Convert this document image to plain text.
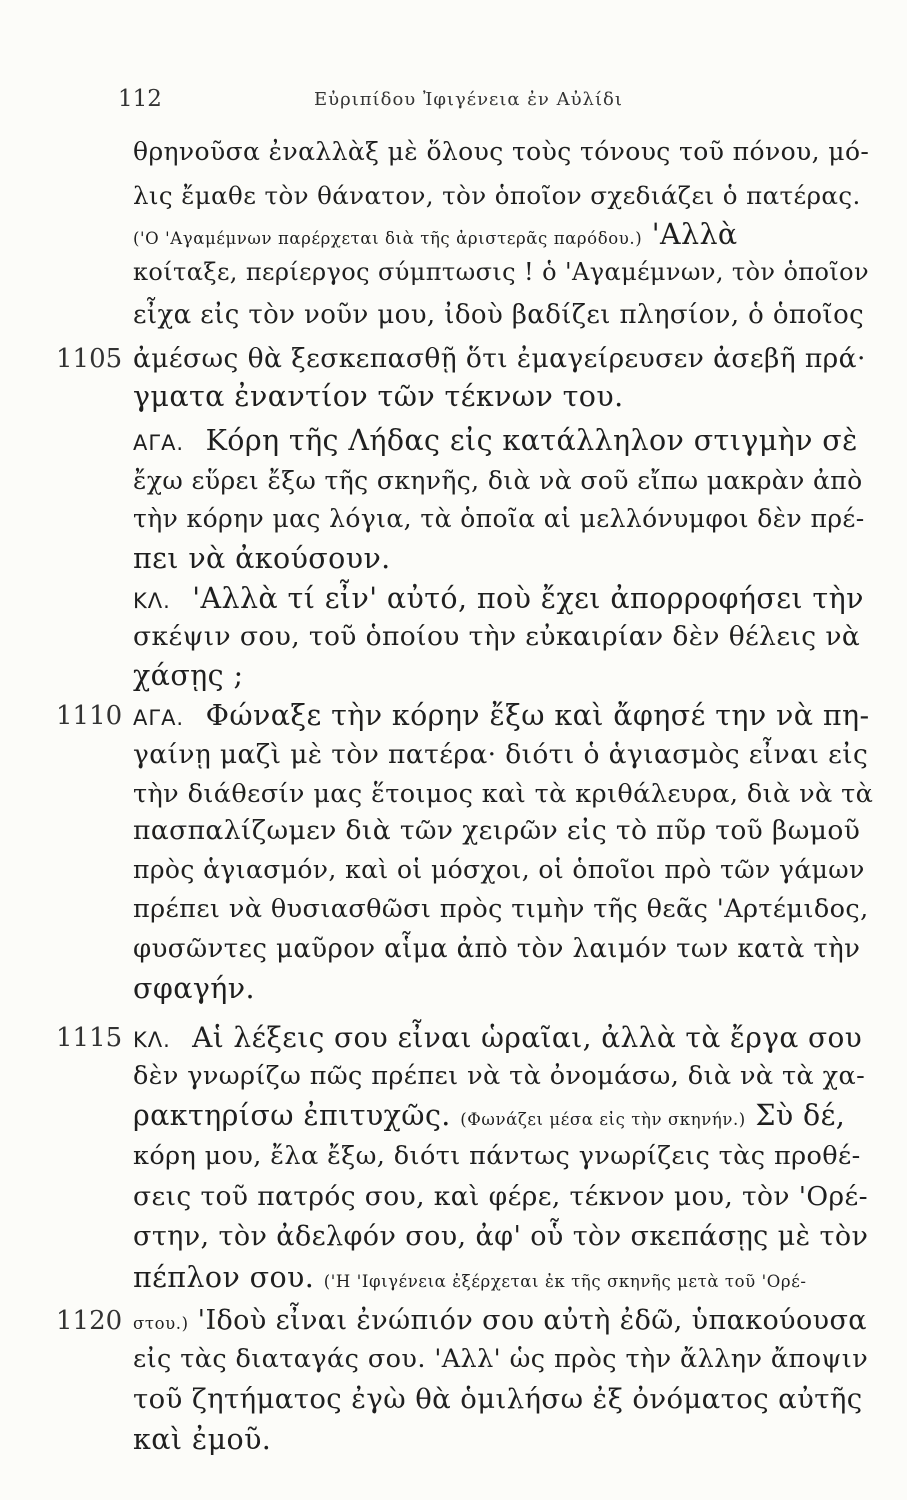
112	Εὐριπίδου Ἰφιγένεια ἐν Αὐλίδι
1105
1110
1115
1120
θρηνοῦσα ἐναλλὰξ μὲ ὅλους τοὺς τόνους τοῦ πόνου, μό-
λις ἔμαθε τὸν θάνατον, τὸν ὁποῖον σχεδιάζει ὁ πατέρας.
('Ο 'Αγαμέμνων παρέρχεται διὰ τῆς ἀριστερᾶς παρόδου.) 'Αλλὰ
κοίταξε, περίεργος σύμπτωσις ! ὁ 'Αγαμέμνων, τὸν ὁποῖον
εἶχα εἰς τὸν νοῦν μου, ἰδοὺ βαδίζει πλησίον, ὁ ὁποῖος
ἀμέσως θὰ ξεσκεπασθῇ ὅτι ἐμαγείρευσεν ἀσεβῆ πρά·
γματα ἐναντίον τῶν τέκνων του.
ΑΓΑ. Κόρη τῆς Λήδας εἰς κατάλληλον στιγμὴν σὲ
ἔχω εὕρει ἔξω τῆς σκηνῆς, διὰ νὰ σοῦ εἴπω μακρὰν ἀπὸ
τὴν κόρην μας λόγια, τὰ ὁποῖα αἱ μελλόνυμφοι δὲν πρέ-
πει νὰ ἀκούσουν.
ΚΛ. 'Αλλὰ τί εἶν' αὐτό, ποὺ ἔχει ἀπορροφήσει τὴν
σκέψιν σου, τοῦ ὁποίου τὴν εὐκαιρίαν δὲν θέλεις νὰ
χάσῃς ;
ΑΓΑ. Φώναξε τὴν κόρην ἔξω καὶ ἄφησέ την νὰ πη-
γαίνῃ μαζὶ μὲ τὸν πατέρα· διότι ὁ ἁγιασμὸς εἶναι εἰς
τὴν διάθεσίν μας ἕτοιμος καὶ τὰ κριθάλευρα, διὰ νὰ τὰ
πασπαλίζωμεν διὰ τῶν χειρῶν εἰς τὸ πῦρ τοῦ βωμοῦ
πρὸς ἁγιασμόν, καὶ οἱ μόσχοι, οἱ ὁποῖοι πρὸ τῶν γάμων
πρέπει νὰ θυσιασθῶσι πρὸς τιμὴν τῆς θεᾶς 'Αρτέμιδος,
φυσῶντες μαῦρον αἷμα ἀπὸ τὸν λαιμόν των κατὰ τὴν
σφαγήν.
ΚΛ. Αἱ λέξεις σου εἶναι ὡραῖαι, ἀλλὰ τὰ ἔργα σου
δὲν γνωρίζω πῶς πρέπει νὰ τὰ ὀνομάσω, διὰ νὰ τὰ χα-
ρακτηρίσω ἐπιτυχῶς. (Φωνάζει μέσα εἰς τὴν σκηνήν.) Σὺ δέ,
κόρη μου, ἔλα ἔξω, διότι πάντως γνωρίζεις τὰς προθέ-
σεις τοῦ πατρός σου, καὶ φέρε, τέκνον μου, τὸν 'Ορέ-
στην, τὸν ἀδελφόν σου, ἀφ' οὗ τὸν σκεπάσῃς μὲ τὸν
πέπλον σου. ('Η 'Ιφιγένεια ἐξέρχεται ἐκ τῆς σκηνῆς μετὰ τοῦ 'Ορέ-
στου.) 'Ιδοὺ εἶναι ἐνώπιόν σου αὐτὴ ἐδῶ, ὑπακούουσα
εἰς τὰς διαταγάς σου. 'Αλλ' ὡς πρὸς τὴν ἄλλην ἄποψιν
τοῦ ζητήματος ἐγὼ θὰ ὁμιλήσω ἐξ ὀνόματος αὐτῆς
καὶ ἐμοῦ.
